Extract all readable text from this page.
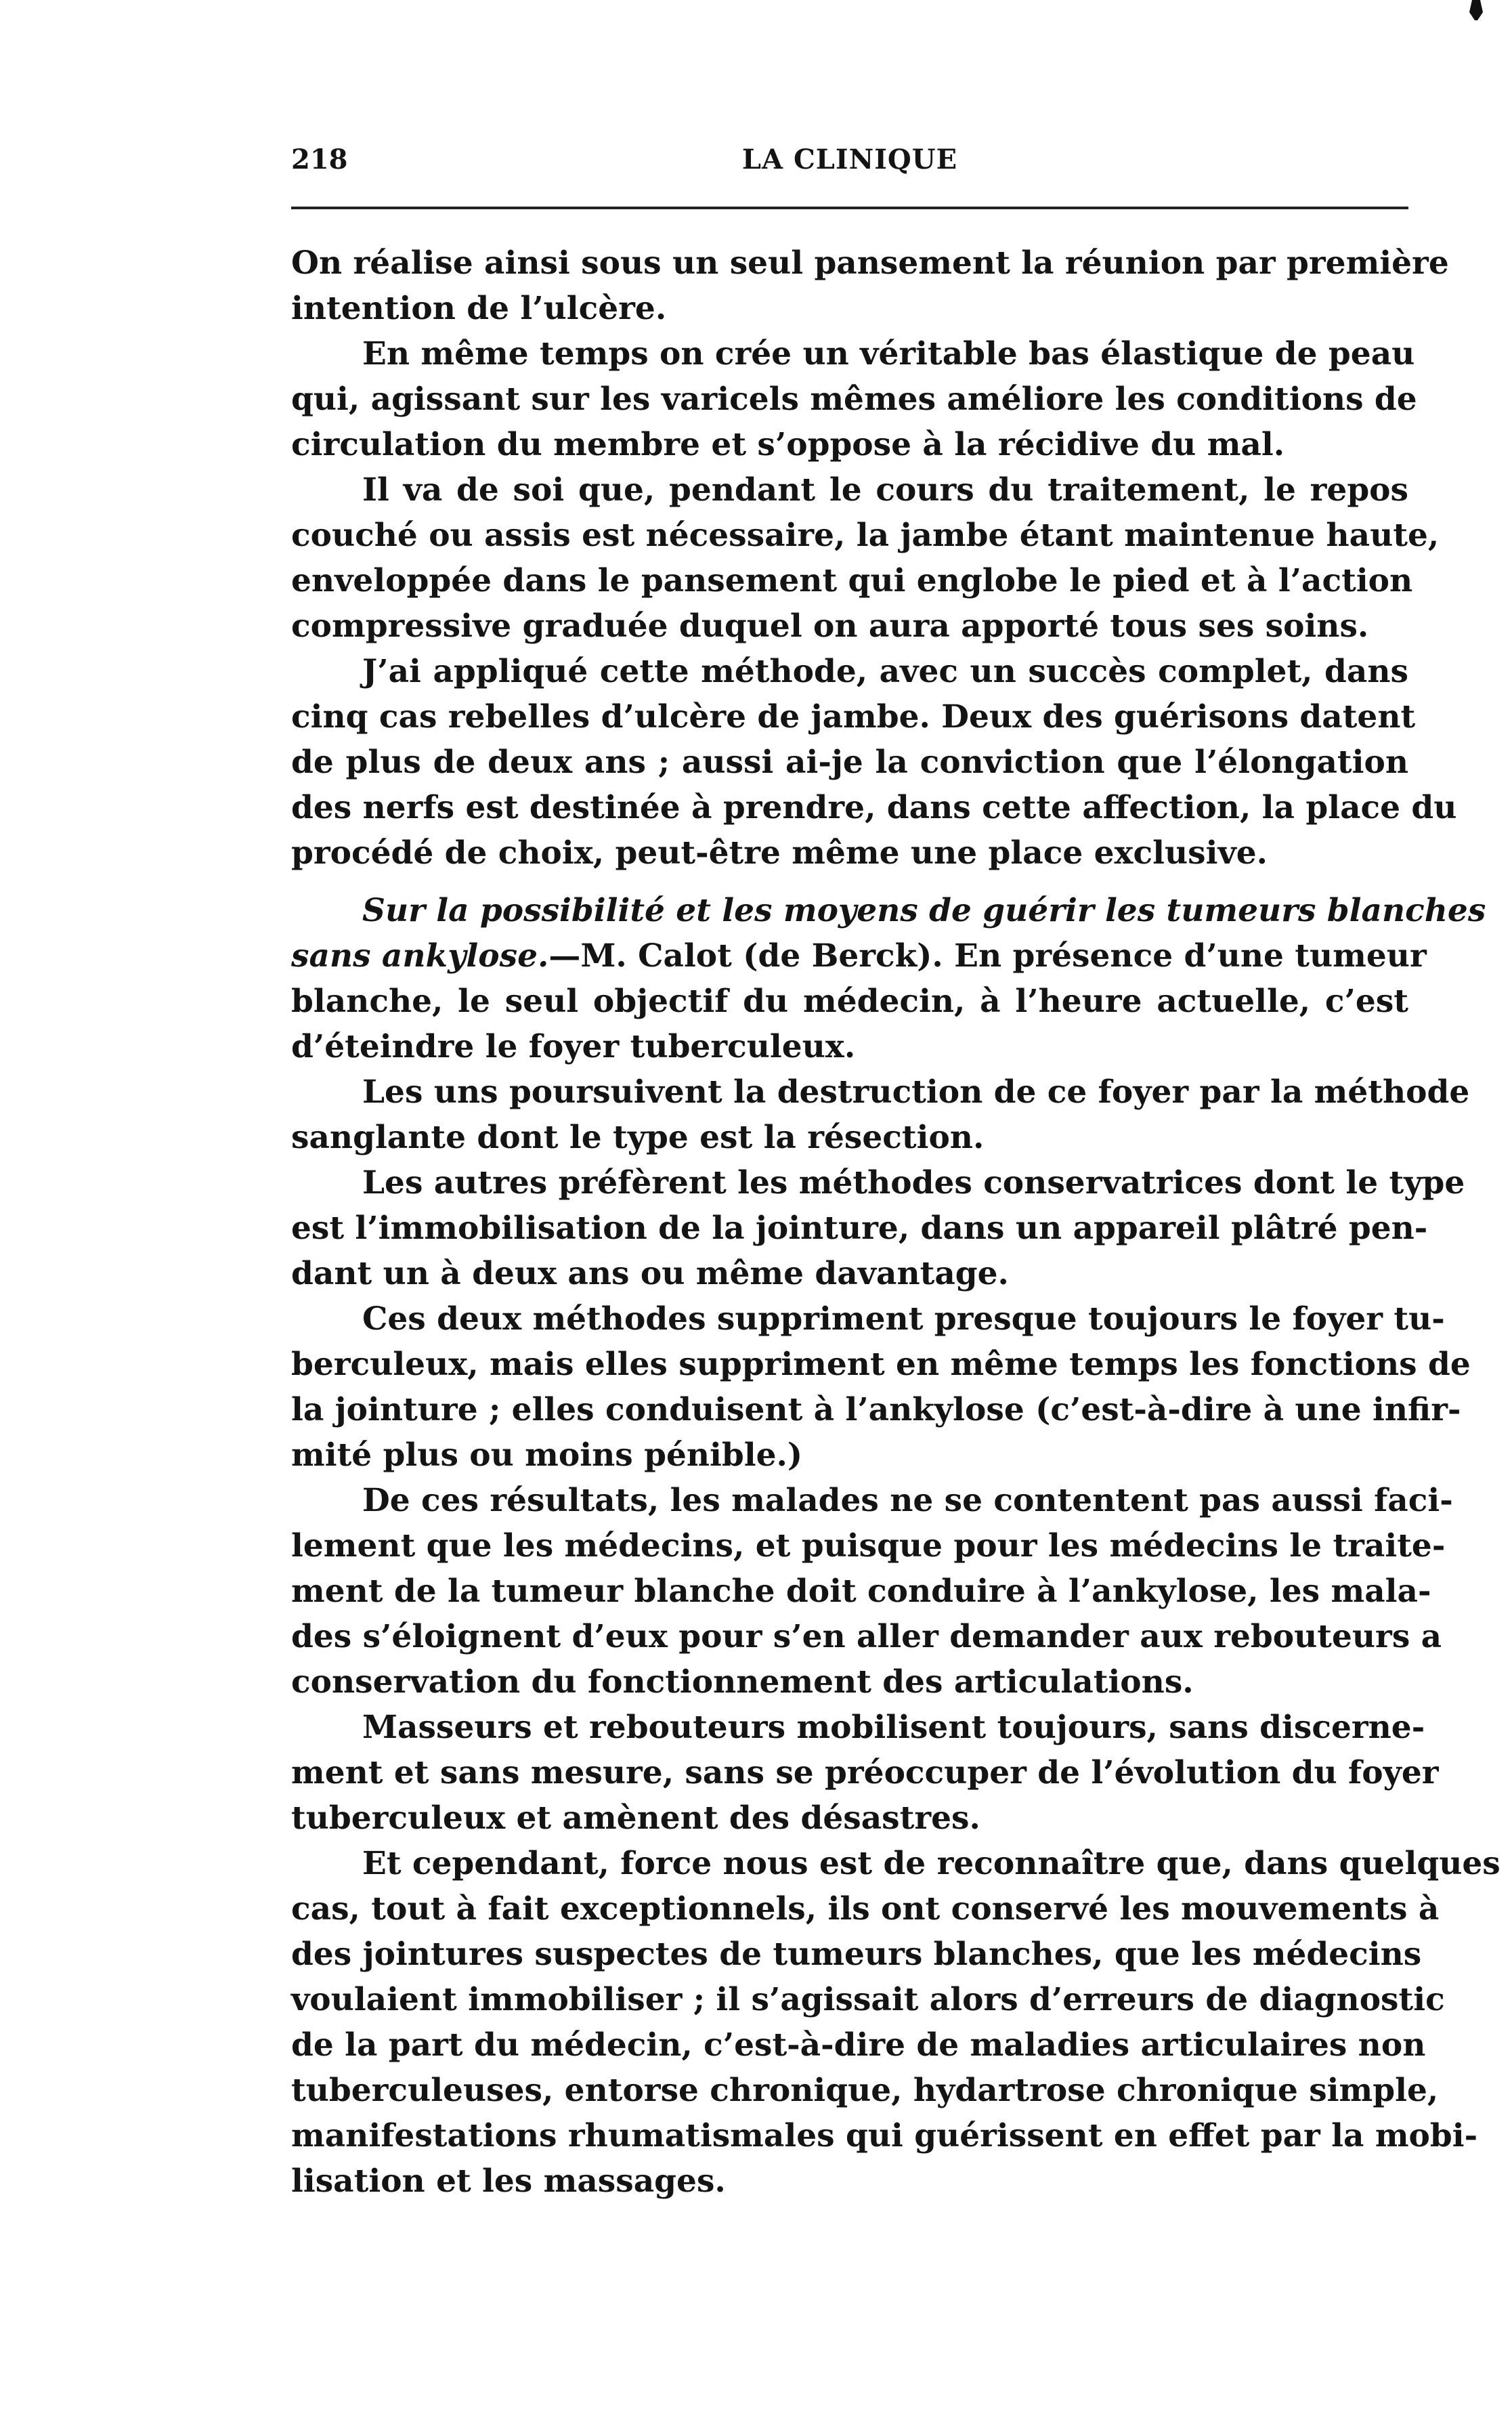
218	LA CLINIQUE
On réalise ainsi sous un seul pansement la réunion par première
intention de l’ulcère.
En même temps on crée un véritable bas élastique de peau
qui, agissant sur les varicels mêmes améliore les conditions de
circulation du membre et s’oppose à la récidive du mal.
Il va de soi que, pendant le cours du traitement, le repos
couché ou assis est nécessaire, la jambe étant maintenue haute,
enveloppée dans le pansement qui englobe le pied et à l’action
compressive graduée duquel on aura apporté tous ses soins.
J’ai appliqué cette méthode, avec un succès complet, dans
cinq cas rebelles d’ulcère de jambe. Deux des guérisons datent
de plus de deux ans ; aussi ai-je la conviction que l’élongation
des nerfs est destinée à prendre, dans cette affection, la place du
procédé de choix, peut-être même une place exclusive.
Sur la possibilité et les moyens de guérir les tumeurs blanches
sans ankylose.—M. Calot (de Berck). En présence d’une tumeur
blanche, le seul objectif du médecin, à l’heure actuelle, c’est
d’éteindre le foyer tuberculeux.
Les uns poursuivent la destruction de ce foyer par la méthode
sanglante dont le type est la résection.
Les autres préfèrent les méthodes conservatrices dont le type
est l’immobilisation de la jointure, dans un appareil plâtré pen-
dant un à deux ans ou même davantage.
Ces deux méthodes suppriment presque toujours le foyer tu-
berculeux, mais elles suppriment en même temps les fonctions de
la jointure ; elles conduisent à l’ankylose (c’est-à-dire à une infir-
mité plus ou moins pénible.)
De ces résultats, les malades ne se contentent pas aussi faci-
lement que les médecins, et puisque pour les médecins le traite-
ment de la tumeur blanche doit conduire à l’ankylose, les mala-
des s’éloignent d’eux pour s’en aller demander aux rebouteurs a
conservation du fonctionnement des articulations.
Masseurs et rebouteurs mobilisent toujours, sans discerne-
ment et sans mesure, sans se préoccuper de l’évolution du foyer
tuberculeux et amènent des désastres.
Et cependant, force nous est de reconnaître que, dans quelques
cas, tout à fait exceptionnels, ils ont conservé les mouvements à
des jointures suspectes de tumeurs blanches, que les médecins
voulaient immobiliser ; il s’agissait alors d’erreurs de diagnostic
de la part du médecin, c’est-à-dire de maladies articulaires non
tuberculeuses, entorse chronique, hydartrose chronique simple,
manifestations rhumatismales qui guérissent en effet par la mobi-
lisation et les massages.
